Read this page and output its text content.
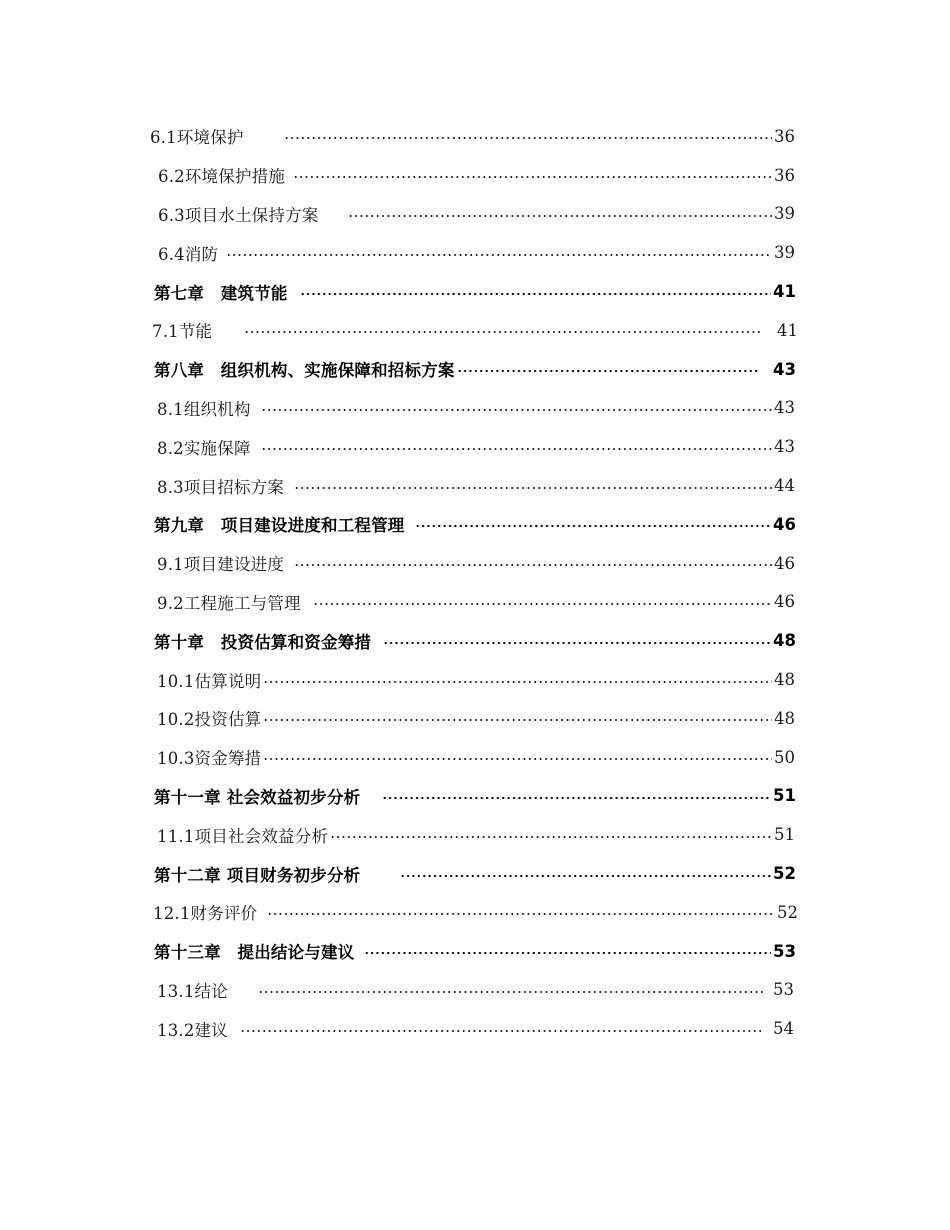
6.1环境保护	36
6.2环境保护措施	36
6.3项目水土保持方案	39
6.4消防	39
第七章　建筑节能	41
7.1节能	41
第八章　组织机构、实施保障和招标方案	43
8.1组织机构	43
8.2实施保障	43
8.3项目招标方案	44
第九章　项目建设进度和工程管理	46
9.1项目建设进度	46
9.2工程施工与管理	46
第十章　投资估算和资金筹措	48
10.1估算说明	48
10.2投资估算	48
10.3资金筹措	50
第十一章 社会效益初步分析	51
11.1项目社会效益分析	51
第十二章 项目财务初步分析	52
12.1财务评价	52
第十三章　提出结论与建议	53
13.1结论	53
13.2建议	54
